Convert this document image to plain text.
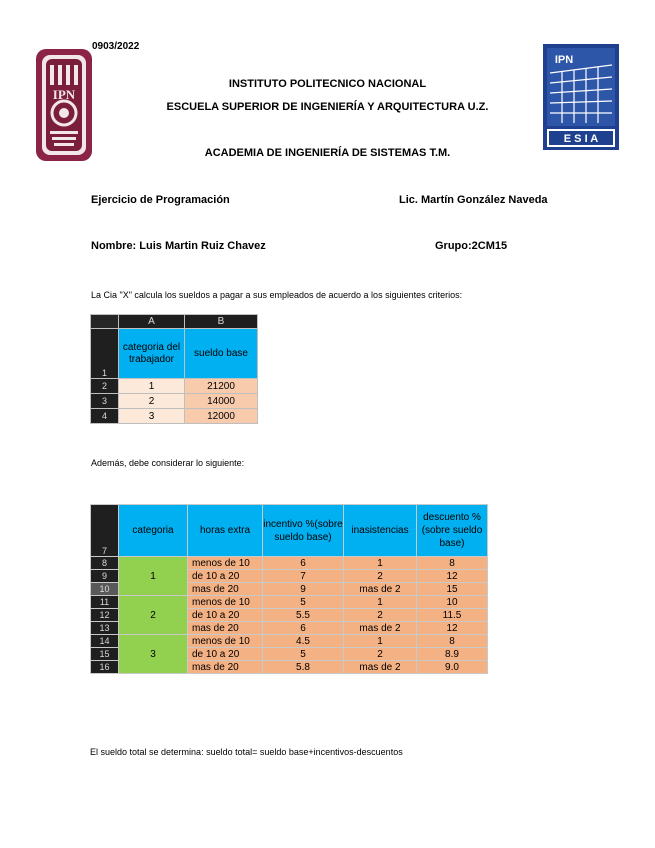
0903/2022
IPN
IPN
E S I A
INSTITUTO POLITECNICO NACIONAL
ESCUELA SUPERIOR DE INGENIERÍA Y ARQUITECTURA U.Z.
ACADEMIA DE INGENIERÍA DE SISTEMAS T.M.
Ejercicio de Programación	Lic. Martín González Naveda
Nombre: Luis Martin Ruiz Chavez	Grupo:2CM15
La Cia "X" calcula los sueldos a pagar a sus empleados de acuerdo a los siguientes criterios:
	A	B
1	categoria del trabajador	sueldo base
2	1	21200
3	2	14000
4	3	12000
Además, debe considerar lo siguiente:
7	categoria	horas extra	incentivo %(sobre sueldo base)	inasistencias	descuento %(sobre sueldo base)
8	1	menos de 10	6	1	8
9		de 10 a 20	7	2	12
10		mas de 20	9	mas de 2	15
11	2	menos de 10	5	1	10
12		de 10 a 20	5.5	2	11.5
13		mas de 20	6	mas de 2	12
14	3	menos de 10	4.5	1	8
15		de 10 a 20	5	2	8.9
16		mas de 20	5.8	mas de 2	9.0
El sueldo total se determina: sueldo total= sueldo base+incentivos-descuentos
